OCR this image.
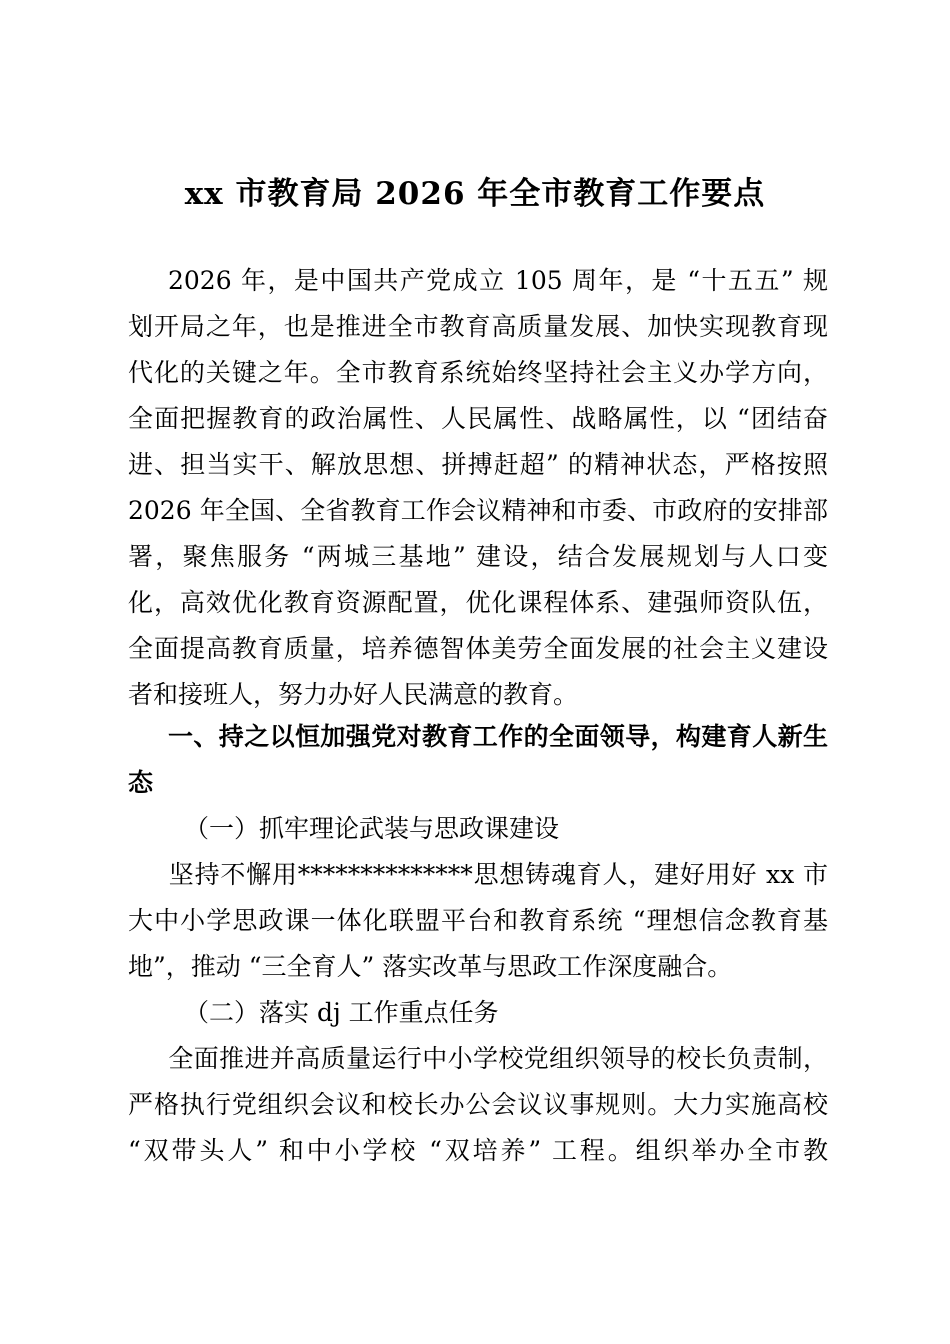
xx 市教育局 2026 年全市教育工作要点

2026 年，是中国共产党成立 105 周年，是 “十五五” 规

划开局之年，也是推进全市教育高质量发展、加快实现教育现

代化的关键之年。全市教育系统始终坚持社会主义办学方向，

全面把握教育的政治属性、人民属性、战略属性，以 “团结奋

进、担当实干、解放思想、拼搏赶超” 的精神状态，严格按照

2026 年全国、全省教育工作会议精神和市委、市政府的安排部

署，聚焦服务 “两城三基地” 建设，结合发展规划与人口变

化，高效优化教育资源配置，优化课程体系、建强师资队伍，

全面提高教育质量，培养德智体美劳全面发展的社会主义建设

者和接班人，努力办好人民满意的教育。

一、持之以恒加强党对教育工作的全面领导，构建育人新生

态

（一）抓牢理论武装与思政课建设

坚持不懈用**************思想铸魂育人，建好用好 xx 市

大中小学思政课一体化联盟平台和教育系统 “理想信念教育基

地”，推动 “三全育人” 落实改革与思政工作深度融合。

（二）落实 dj 工作重点任务

全面推进并高质量运行中小学校党组织领导的校长负责制，

严格执行党组织会议和校长办公会议议事规则。大力实施高校

“双带头人” 和中小学校 “双培养” 工程。组织举办全市教
